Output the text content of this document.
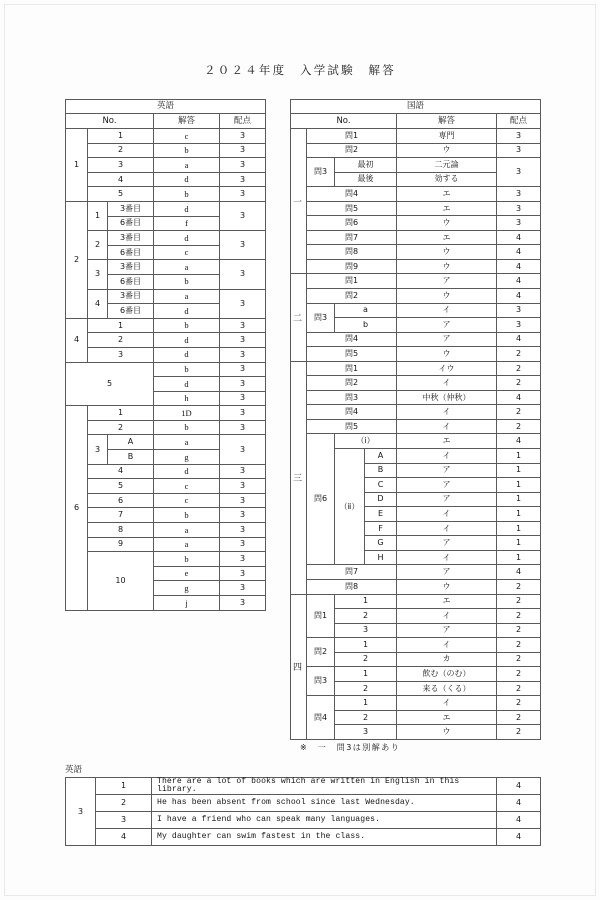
２０２４年度　入学試験　解答
英語				
No.			解答	配点
1	1		c	3
	2		b	3
	3		a	3
	4		d	3
	5		b	3
2	1	3番目	d	3
		6番目	f	
	2	3番目	d	3
		6番目	c	
	3	3番目	a	3
		6番目	b	
	4	3番目	a	3
		6番目	d	
4	1		b	3
	2		d	3
	3		d	3
5			b	3
			d	3
			h	3
6	1		1D	3
	2		b	3
	3	A	a	3
		B	g	
	4		d	3
	5		c	3
	6		c	3
	7		b	3
	8		a	3
	9		a	3
	10		b	3
			e	3
			g	3
			j	3
国語					
No.				解答	配点

一	問1			専門	3
	問2			ウ	3
	問3	最初		二元論	3
		最後		効する	
	問4			エ	3
	問5			エ	3
	問6			ウ	3
	問7			エ	4
	問8			ウ	4
	問9			ウ	4

二	問1			ア	4
	問2			ウ	4
	問3	a		イ	3
		b		ア	3
	問4			ア	4
	問5			ウ	2

三	問1			イウ	2
	問2			イ	2
	問3			中秋（仲秋）	4
	問4			イ	2
	問5			イ	2
	問6	（i）		エ	4
		（ⅱ）	A	イ	1
			B	ア	1
			C	ア	1
			D	ア	1
			E	イ	1
			F	イ	1
			G	ア	1
			H	イ	1
	問7			ア	4
	問8			ウ	2

四	問1	1		エ	2
		2		イ	2
		3		ア	2
	問2	1		イ	2
		2		カ	2
	問3	1		飲む（のむ）	2
		2		来る（くる）	2
	問4	1		イ	2
		2		エ	2
		3		ウ	2
※　一　問3は別解あり
英語
3	1	There are a lot of books which are written in English in this library.	4
	2	He has been absent from school since last Wednesday.	4
	3	I have a friend who can speak many languages.	4
	4	My daughter can swim fastest in the class.	4
